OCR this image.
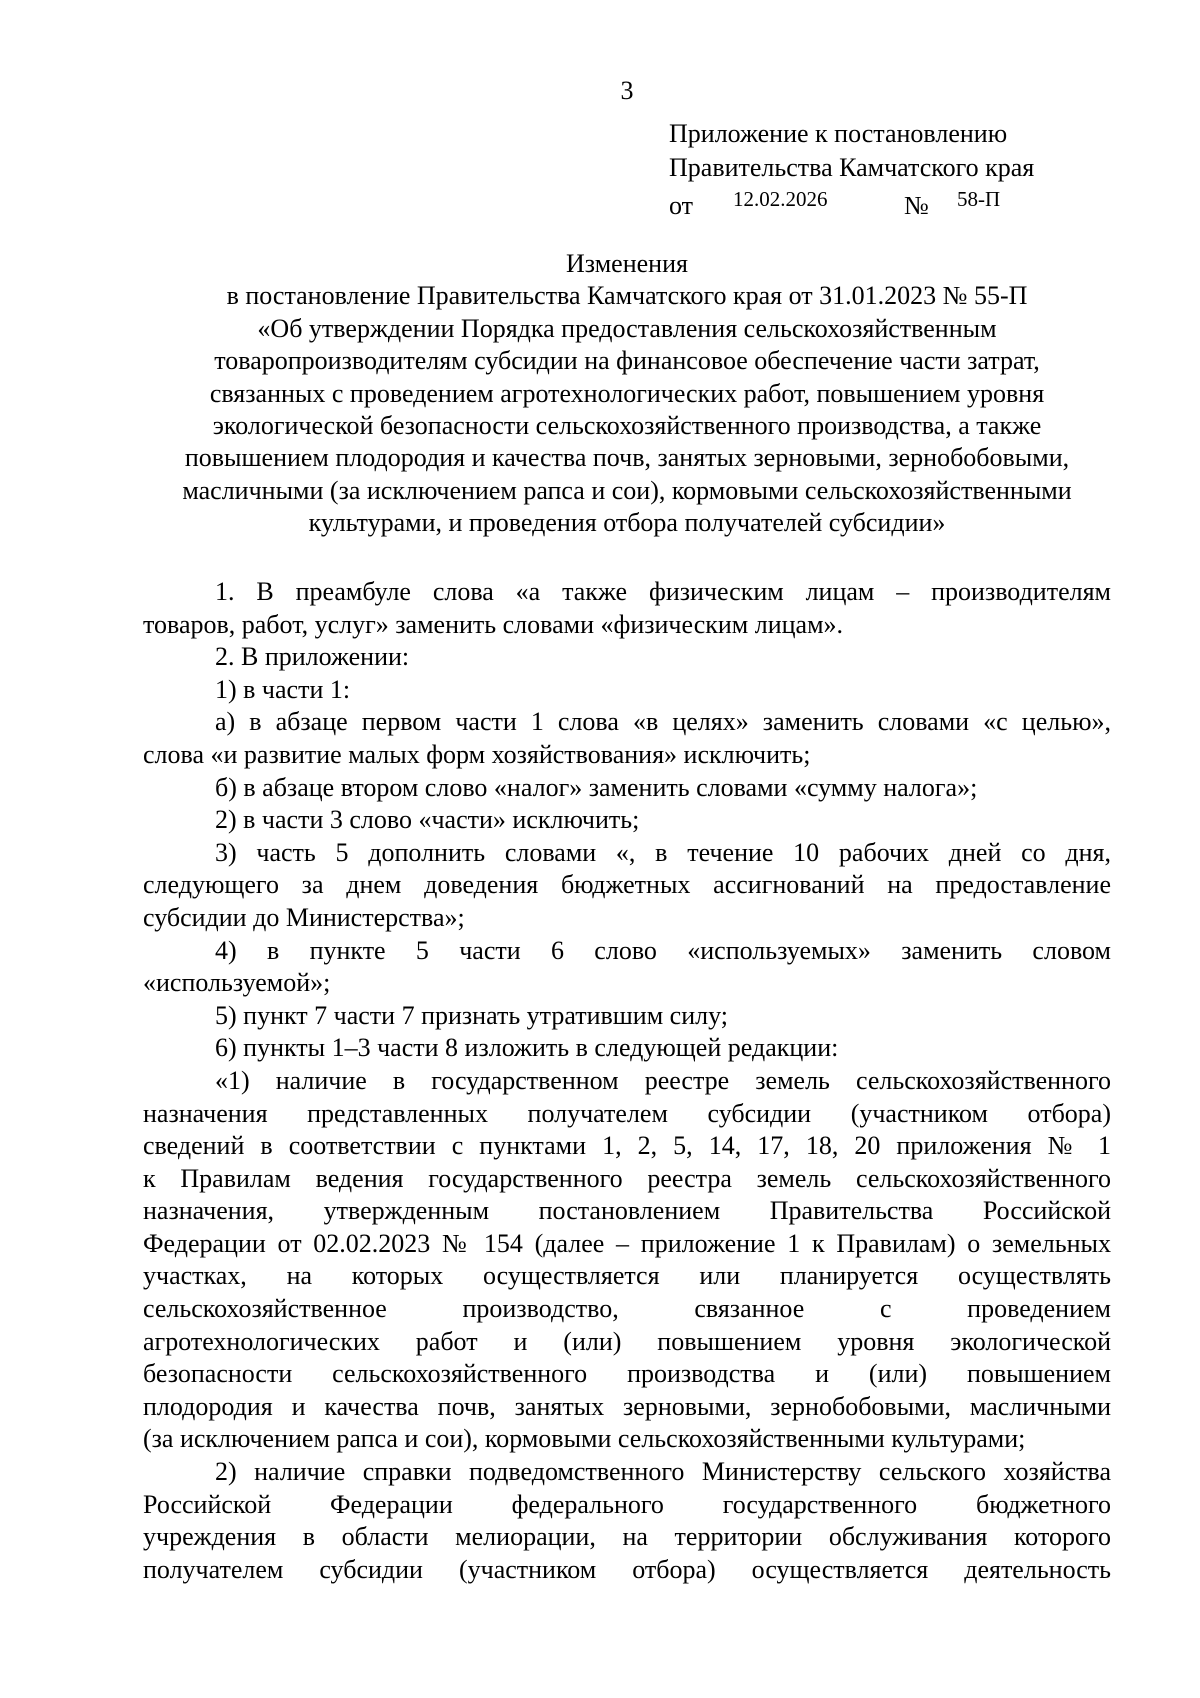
3

Приложение к постановлению
Правительства Камчатского края
от 12.02.2026	№ 58-П
Изменения
в постановление Правительства Камчатского края от 31.01.2023 № 55-П
«Об утверждении Порядка предоставления сельскохозяйственным
товаропроизводителям субсидии на финансовое обеспечение части затрат,
связанных с проведением агротехнологических работ, повышением уровня
экологической безопасности сельскохозяйственного производства, а также
повышением плодородия и качества почв, занятых зерновыми, зернобобовыми,
масличными (за исключением рапса и сои), кормовыми сельскохозяйственными
культурами, и проведения отбора получателей субсидии»
1. В преамбуле слова «а также физическим лицам – производителям
товаров, работ, услуг» заменить словами «физическим лицам».
2. В приложении:
1) в части 1:
а) в абзаце первом части 1 слова «в целях» заменить словами «с целью»,
слова «и развитие малых форм хозяйствования» исключить;
б) в абзаце втором слово «налог» заменить словами «сумму налога»;
2) в части 3 слово «части» исключить;
3) часть 5 дополнить словами «, в течение 10 рабочих дней со дня,
следующего за днем доведения бюджетных ассигнований на предоставление
субсидии до Министерства»;
4) в пункте 5 части 6 слово «используемых» заменить словом
«используемой»;
5) пункт 7 части 7 признать утратившим силу;
6) пункты 1–3 части 8 изложить в следующей редакции:
«1) наличие в государственном реестре земель сельскохозяйственного
назначения представленных получателем субсидии (участником отбора)
сведений в соответствии с пунктами 1, 2, 5, 14, 17, 18, 20 приложения № 1
к Правилам ведения государственного реестра земель сельскохозяйственного
назначения, утвержденным постановлением Правительства Российской
Федерации от 02.02.2023 № 154 (далее – приложение 1 к Правилам) о земельных
участках, на которых осуществляется или планируется осуществлять
сельскохозяйственное производство, связанное с проведением
агротехнологических работ и (или) повышением уровня экологической
безопасности сельскохозяйственного производства и (или) повышением
плодородия и качества почв, занятых зерновыми, зернобобовыми, масличными
(за исключением рапса и сои), кормовыми сельскохозяйственными культурами;
2) наличие справки подведомственного Министерству сельского хозяйства
Российской Федерации федерального государственного бюджетного
учреждения в области мелиорации, на территории обслуживания которого
получателем субсидии (участником отбора) осуществляется деятельность
